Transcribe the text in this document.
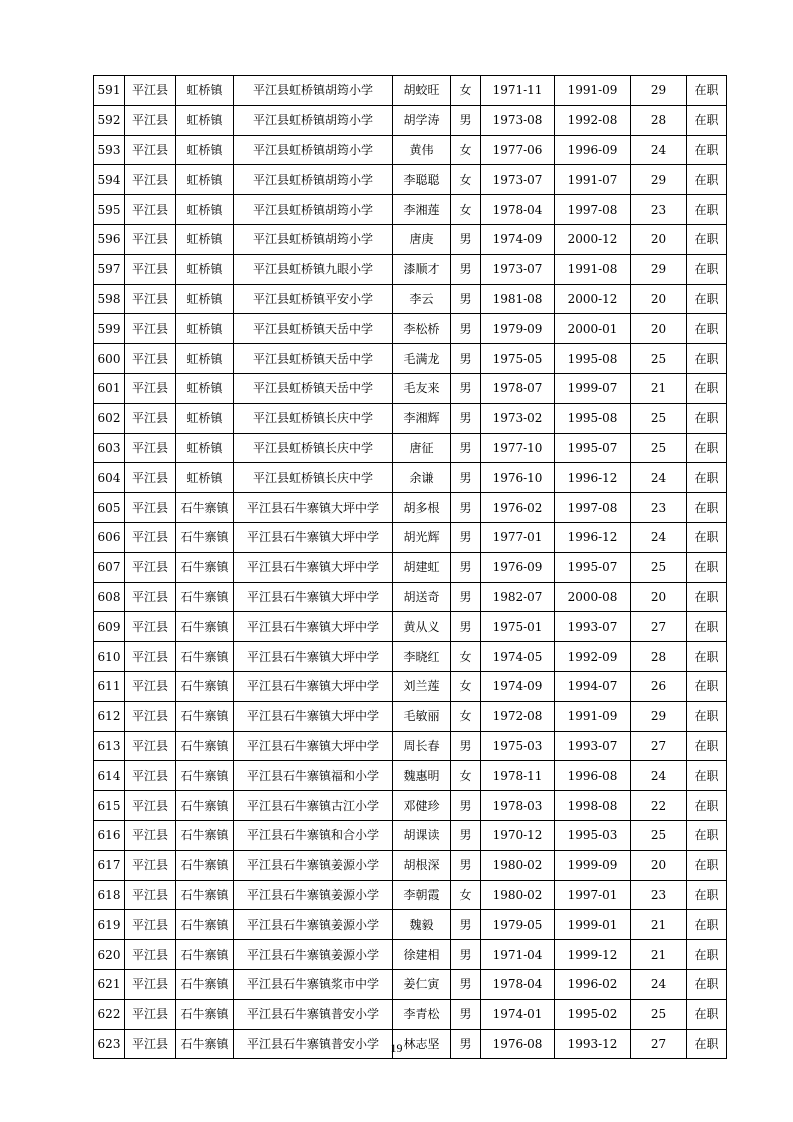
591	平江县	虹桥镇	平江县虹桥镇胡筠小学	胡蛟旺	女	1971-11	1991-09	29	在职
592	平江县	虹桥镇	平江县虹桥镇胡筠小学	胡学涛	男	1973-08	1992-08	28	在职
593	平江县	虹桥镇	平江县虹桥镇胡筠小学	黄伟	女	1977-06	1996-09	24	在职
594	平江县	虹桥镇	平江县虹桥镇胡筠小学	李聪聪	女	1973-07	1991-07	29	在职
595	平江县	虹桥镇	平江县虹桥镇胡筠小学	李湘莲	女	1978-04	1997-08	23	在职
596	平江县	虹桥镇	平江县虹桥镇胡筠小学	唐庚	男	1974-09	2000-12	20	在职
597	平江县	虹桥镇	平江县虹桥镇九眼小学	漆顺才	男	1973-07	1991-08	29	在职
598	平江县	虹桥镇	平江县虹桥镇平安小学	李云	男	1981-08	2000-12	20	在职
599	平江县	虹桥镇	平江县虹桥镇天岳中学	李松桥	男	1979-09	2000-01	20	在职
600	平江县	虹桥镇	平江县虹桥镇天岳中学	毛满龙	男	1975-05	1995-08	25	在职
601	平江县	虹桥镇	平江县虹桥镇天岳中学	毛友来	男	1978-07	1999-07	21	在职
602	平江县	虹桥镇	平江县虹桥镇长庆中学	李湘辉	男	1973-02	1995-08	25	在职
603	平江县	虹桥镇	平江县虹桥镇长庆中学	唐征	男	1977-10	1995-07	25	在职
604	平江县	虹桥镇	平江县虹桥镇长庆中学	余谦	男	1976-10	1996-12	24	在职
605	平江县	石牛寨镇	平江县石牛寨镇大坪中学	胡多根	男	1976-02	1997-08	23	在职
606	平江县	石牛寨镇	平江县石牛寨镇大坪中学	胡光辉	男	1977-01	1996-12	24	在职
607	平江县	石牛寨镇	平江县石牛寨镇大坪中学	胡建虹	男	1976-09	1995-07	25	在职
608	平江县	石牛寨镇	平江县石牛寨镇大坪中学	胡送奇	男	1982-07	2000-08	20	在职
609	平江县	石牛寨镇	平江县石牛寨镇大坪中学	黄从义	男	1975-01	1993-07	27	在职
610	平江县	石牛寨镇	平江县石牛寨镇大坪中学	李晓红	女	1974-05	1992-09	28	在职
611	平江县	石牛寨镇	平江县石牛寨镇大坪中学	刘兰莲	女	1974-09	1994-07	26	在职
612	平江县	石牛寨镇	平江县石牛寨镇大坪中学	毛敏丽	女	1972-08	1991-09	29	在职
613	平江县	石牛寨镇	平江县石牛寨镇大坪中学	周长春	男	1975-03	1993-07	27	在职
614	平江县	石牛寨镇	平江县石牛寨镇福和小学	魏惠明	女	1978-11	1996-08	24	在职
615	平江县	石牛寨镇	平江县石牛寨镇古江小学	邓健珍	男	1978-03	1998-08	22	在职
616	平江县	石牛寨镇	平江县石牛寨镇和合小学	胡课读	男	1970-12	1995-03	25	在职
617	平江县	石牛寨镇	平江县石牛寨镇姜源小学	胡根深	男	1980-02	1999-09	20	在职
618	平江县	石牛寨镇	平江县石牛寨镇姜源小学	李朝霞	女	1980-02	1997-01	23	在职
619	平江县	石牛寨镇	平江县石牛寨镇姜源小学	魏毅	男	1979-05	1999-01	21	在职
620	平江县	石牛寨镇	平江县石牛寨镇姜源小学	徐建相	男	1971-04	1999-12	21	在职
621	平江县	石牛寨镇	平江县石牛寨镇浆市中学	姜仁寅	男	1978-04	1996-02	24	在职
622	平江县	石牛寨镇	平江县石牛寨镇普安小学	李青松	男	1974-01	1995-02	25	在职
623	平江县	石牛寨镇	平江县石牛寨镇普安小学	林志坚	男	1976-08	1993-12	27	在职
19
